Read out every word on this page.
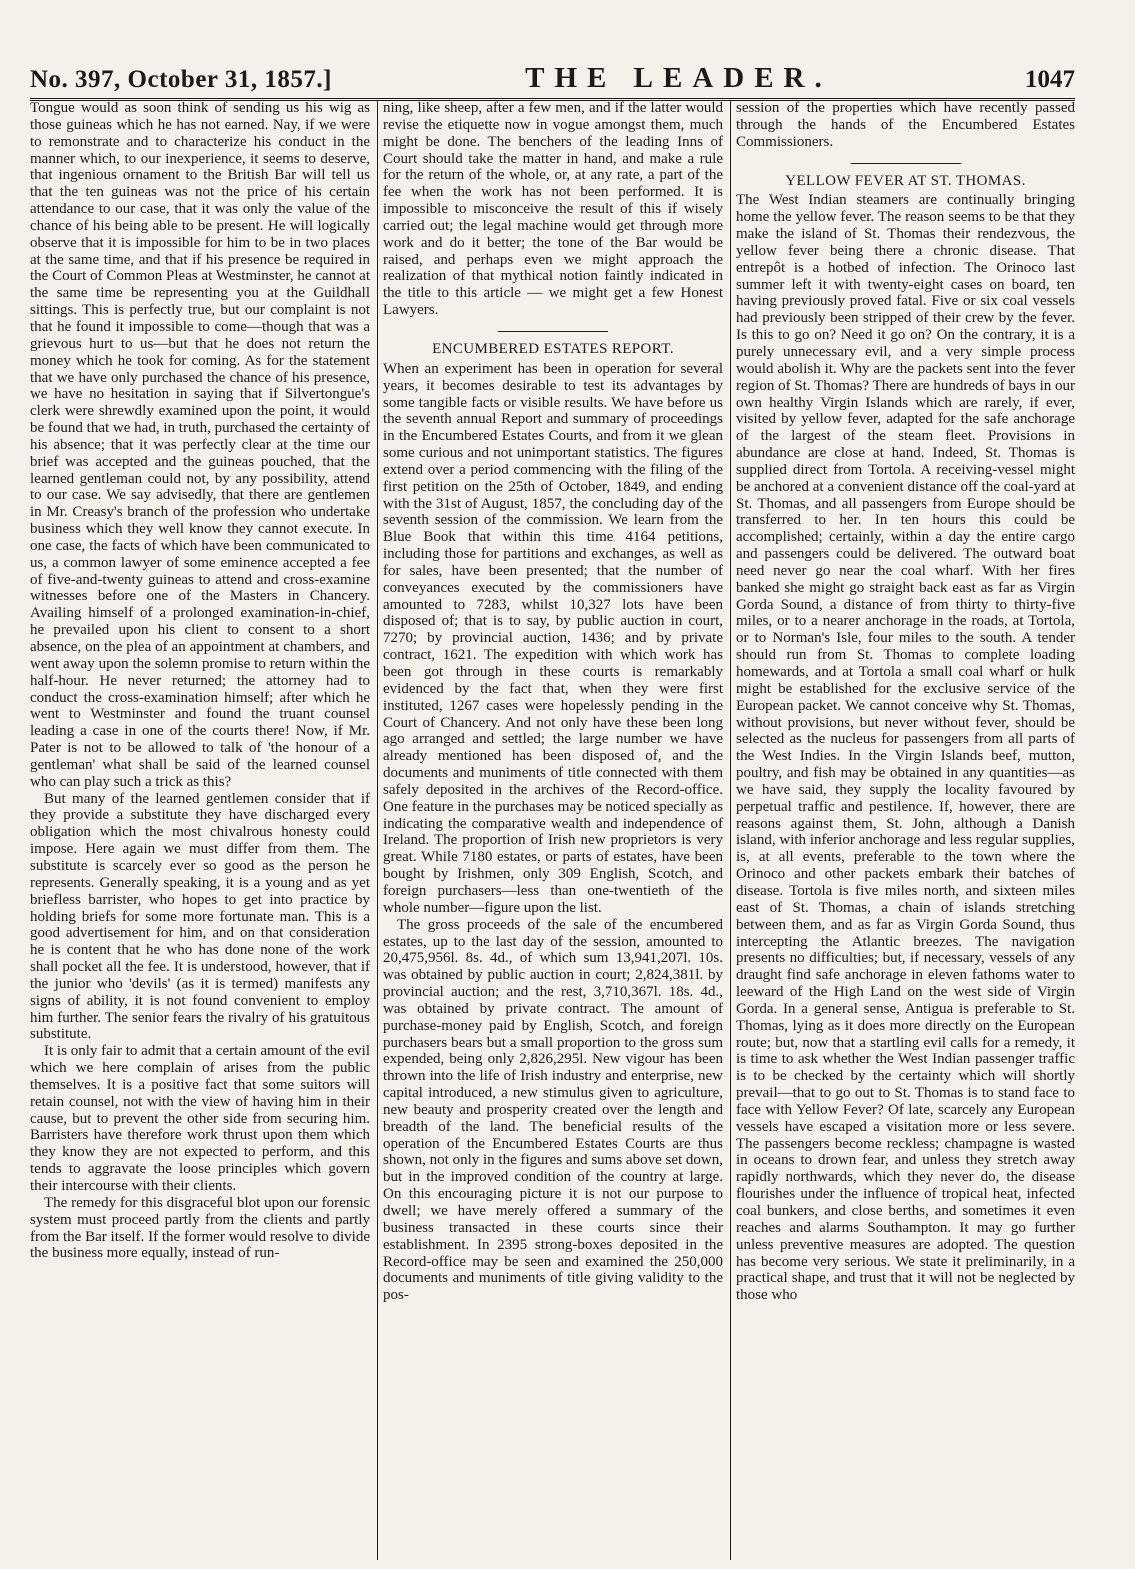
No. 397, October 31, 1857.]	THE LEADER.	1047

Tongue would as soon think of sending us his wig as those guineas which he has not earned. Nay, if we were to remonstrate and to characterize his conduct in the manner which, to our inexperience, it seems to deserve, that ingenious ornament to the British Bar will tell us that the ten guineas was not the price of his certain attendance to our case, that it was only the value of the chance of his being able to be present. He will logically observe that it is impossible for him to be in two places at the same time, and that if his presence be required in the Court of Common Pleas at Westminster, he cannot at the same time be representing you at the Guildhall sittings. This is perfectly true, but our complaint is not that he found it impossible to come—though that was a grievous hurt to us—but that he does not return the money which he took for coming. As for the statement that we have only purchased the chance of his presence, we have no hesitation in saying that if Silvertongue's clerk were shrewdly examined upon the point, it would be found that we had, in truth, purchased the certainty of his absence; that it was perfectly clear at the time our brief was accepted and the guineas pouched, that the learned gentleman could not, by any possibility, attend to our case. We say advisedly, that there are gentlemen in Mr. Creasy's branch of the profession who undertake business which they well know they cannot execute. In one case, the facts of which have been communicated to us, a common lawyer of some eminence accepted a fee of five-and-twenty guineas to attend and cross-examine witnesses before one of the Masters in Chancery. Availing himself of a prolonged examination-in-chief, he prevailed upon his client to consent to a short absence, on the plea of an appointment at chambers, and went away upon the solemn promise to return within the half-hour. He never returned; the attorney had to conduct the cross-examination himself; after which he went to Westminster and found the truant counsel leading a case in one of the courts there! Now, if Mr. Pater is not to be allowed to talk of 'the honour of a gentleman' what shall be said of the learned counsel who can play such a trick as this?

But many of the learned gentlemen consider that if they provide a substitute they have discharged every obligation which the most chivalrous honesty could impose. Here again we must differ from them. The substitute is scarcely ever so good as the person he represents. Generally speaking, it is a young and as yet briefless barrister, who hopes to get into practice by holding briefs for some more fortunate man. This is a good advertisement for him, and on that consideration he is content that he who has done none of the work shall pocket all the fee. It is understood, however, that if the junior who 'devils' (as it is termed) manifests any signs of ability, it is not found convenient to employ him further. The senior fears the rivalry of his gratuitous substitute.

It is only fair to admit that a certain amount of the evil which we here complain of arises from the public themselves. It is a positive fact that some suitors will retain counsel, not with the view of having him in their cause, but to prevent the other side from securing him. Barristers have therefore work thrust upon them which they know they are not expected to perform, and this tends to aggravate the loose principles which govern their intercourse with their clients.

The remedy for this disgraceful blot upon our forensic system must proceed partly from the clients and partly from the Bar itself. If the former would resolve to divide the business more equally, instead of run-

ning, like sheep, after a few men, and if the latter would revise the etiquette now in vogue amongst them, much might be done. The benchers of the leading Inns of Court should take the matter in hand, and make a rule for the return of the whole, or, at any rate, a part of the fee when the work has not been performed. It is impossible to misconceive the result of this if wisely carried out; the legal machine would get through more work and do it better; the tone of the Bar would be raised, and perhaps even we might approach the realization of that mythical notion faintly indicated in the title to this article — we might get a few Honest Lawyers.

ENCUMBERED ESTATES REPORT.

When an experiment has been in operation for several years, it becomes desirable to test its advantages by some tangible facts or visible results. We have before us the seventh annual Report and summary of proceedings in the Encumbered Estates Courts, and from it we glean some curious and not unimportant statistics. The figures extend over a period commencing with the filing of the first petition on the 25th of October, 1849, and ending with the 31st of August, 1857, the concluding day of the seventh session of the commission. We learn from the Blue Book that within this time 4164 petitions, including those for partitions and exchanges, as well as for sales, have been presented; that the number of conveyances executed by the commissioners have amounted to 7283, whilst 10,327 lots have been disposed of; that is to say, by public auction in court, 7270; by provincial auction, 1436; and by private contract, 1621. The expedition with which work has been got through in these courts is remarkably evidenced by the fact that, when they were first instituted, 1267 cases were hopelessly pending in the Court of Chancery. And not only have these been long ago arranged and settled; the large number we have already mentioned has been disposed of, and the documents and muniments of title connected with them safely deposited in the archives of the Record-office. One feature in the purchases may be noticed specially as indicating the comparative wealth and independence of Ireland. The proportion of Irish new proprietors is very great. While 7180 estates, or parts of estates, have been bought by Irishmen, only 309 English, Scotch, and foreign purchasers—less than one-twentieth of the whole number—figure upon the list.

The gross proceeds of the sale of the encumbered estates, up to the last day of the session, amounted to 20,475,956l. 8s. 4d., of which sum 13,941,207l. 10s. was obtained by public auction in court; 2,824,381l. by provincial auction; and the rest, 3,710,367l. 18s. 4d., was obtained by private contract. The amount of purchase-money paid by English, Scotch, and foreign purchasers bears but a small proportion to the gross sum expended, being only 2,826,295l. New vigour has been thrown into the life of Irish industry and enterprise, new capital introduced, a new stimulus given to agriculture, new beauty and prosperity created over the length and breadth of the land. The beneficial results of the operation of the Encumbered Estates Courts are thus shown, not only in the figures and sums above set down, but in the improved condition of the country at large. On this encouraging picture it is not our purpose to dwell; we have merely offered a summary of the business transacted in these courts since their establishment. In 2395 strong-boxes deposited in the Record-office may be seen and examined the 250,000 documents and muniments of title giving validity to the pos-

session of the properties which have recently passed through the hands of the Encumbered Estates Commissioners.

YELLOW FEVER AT ST. THOMAS.

The West Indian steamers are continually bringing home the yellow fever. The reason seems to be that they make the island of St. Thomas their rendezvous, the yellow fever being there a chronic disease. That entrepôt is a hotbed of infection. The Orinoco last summer left it with twenty-eight cases on board, ten having previously proved fatal. Five or six coal vessels had previously been stripped of their crew by the fever. Is this to go on? Need it go on? On the contrary, it is a purely unnecessary evil, and a very simple process would abolish it. Why are the packets sent into the fever region of St. Thomas? There are hundreds of bays in our own healthy Virgin Islands which are rarely, if ever, visited by yellow fever, adapted for the safe anchorage of the largest of the steam fleet. Provisions in abundance are close at hand. Indeed, St. Thomas is supplied direct from Tortola. A receiving-vessel might be anchored at a convenient distance off the coal-yard at St. Thomas, and all passengers from Europe should be transferred to her. In ten hours this could be accomplished; certainly, within a day the entire cargo and passengers could be delivered. The outward boat need never go near the coal wharf. With her fires banked she might go straight back east as far as Virgin Gorda Sound, a distance of from thirty to thirty-five miles, or to a nearer anchorage in the roads, at Tortola, or to Norman's Isle, four miles to the south. A tender should run from St. Thomas to complete loading homewards, and at Tortola a small coal wharf or hulk might be established for the exclusive service of the European packet. We cannot conceive why St. Thomas, without provisions, but never without fever, should be selected as the nucleus for passengers from all parts of the West Indies. In the Virgin Islands beef, mutton, poultry, and fish may be obtained in any quantities—as we have said, they supply the locality favoured by perpetual traffic and pestilence. If, however, there are reasons against them, St. John, although a Danish island, with inferior anchorage and less regular supplies, is, at all events, preferable to the town where the Orinoco and other packets embark their batches of disease. Tortola is five miles north, and sixteen miles east of St. Thomas, a chain of islands stretching between them, and as far as Virgin Gorda Sound, thus intercepting the Atlantic breezes. The navigation presents no difficulties; but, if necessary, vessels of any draught find safe anchorage in eleven fathoms water to leeward of the High Land on the west side of Virgin Gorda. In a general sense, Antigua is preferable to St. Thomas, lying as it does more directly on the European route; but, now that a startling evil calls for a remedy, it is time to ask whether the West Indian passenger traffic is to be checked by the certainty which will shortly prevail—that to go out to St. Thomas is to stand face to face with Yellow Fever? Of late, scarcely any European vessels have escaped a visitation more or less severe. The passengers become reckless; champagne is wasted in oceans to drown fear, and unless they stretch away rapidly northwards, which they never do, the disease flourishes under the influence of tropical heat, infected coal bunkers, and close berths, and sometimes it even reaches and alarms Southampton. It may go further unless preventive measures are adopted. The question has become very serious. We state it preliminarily, in a practical shape, and trust that it will not be neglected by those who
